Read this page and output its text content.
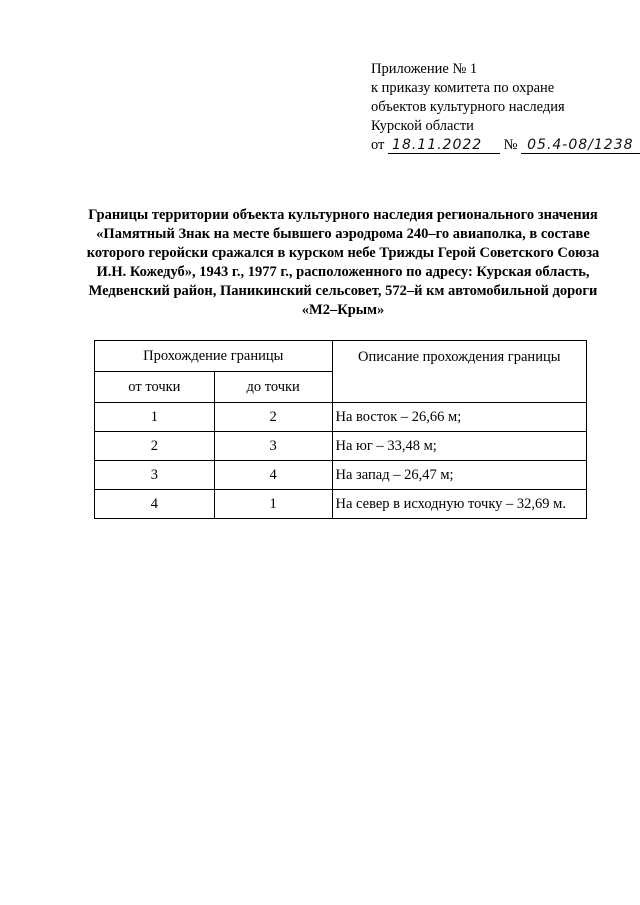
Приложение № 1
к приказу комитета по охране
объектов культурного наследия
Курской области
от 18.11.2022 № 05.4-08/1238
Границы территории объекта культурного наследия регионального значения «Памятный Знак на месте бывшего аэродрома 240–го авиаполка, в составе которого геройски сражался в курском небе Трижды Герой Советского Союза И.Н. Кожедуб», 1943 г., 1977 г., расположенного по адресу: Курская область, Медвенский район, Паникинский сельсовет, 572–й км автомобильной дороги «М2–Крым»
Прохождение границы		Описание прохождения границы
от точки	до точки	
1	2	На восток – 26,66 м;
2	3	На юг – 33,48 м;
3	4	На запад – 26,47 м;
4	1	На север в исходную точку – 32,69 м.
